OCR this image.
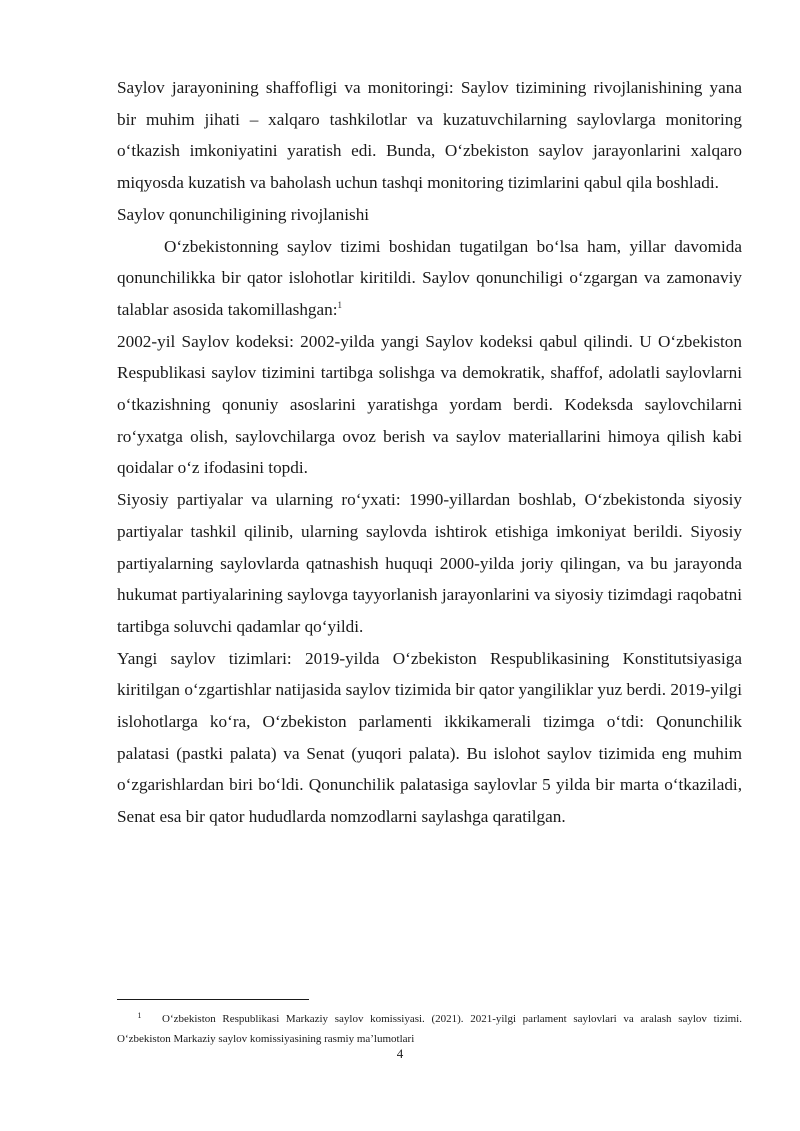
Saylov jarayonining shaffofligi va monitoringi: Saylov tizimining rivojlanishining yana bir muhim jihati – xalqaro tashkilotlar va kuzatuvchilarning saylovlarga monitoring oʻtkazish imkoniyatini yaratish edi. Bunda, Oʻzbekiston saylov jarayonlarini xalqaro miqyosda kuzatish va baholash uchun tashqi monitoring tizimlarini qabul qila boshladi.

Saylov qonunchiligining rivojlanishi

Oʻzbekistonning saylov tizimi boshidan tugatilgan boʻlsa ham, yillar davomida qonunchilikka bir qator islohotlar kiritildi. Saylov qonunchiligi oʻzgargan va zamonaviy talablar asosida takomillashgan:$^1$

2002-yil Saylov kodeksi: 2002-yilda yangi Saylov kodeksi qabul qilindi. U Oʻzbekiston Respublikasi saylov tizimini tartibga solishga va demokratik, shaffof, adolatli saylovlarni oʻtkazishning qonuniy asoslarini yaratishga yordam berdi. Kodeksda saylovchilarni roʻyxatga olish, saylovchilarga ovoz berish va saylov materiallarini himoya qilish kabi qoidalar oʻz ifodasini topdi.

Siyosiy partiyalar va ularning roʻyxati: 1990-yillardan boshlab, Oʻzbekistonda siyosiy partiyalar tashkil qilinib, ularning saylovda ishtirok etishiga imkoniyat berildi. Siyosiy partiyalarning saylovlarda qatnashish huquqi 2000-yilda joriy qilingan, va bu jarayonda hukumat partiyalarining saylovga tayyorlanish jarayonlarini va siyosiy tizimdagi raqobatni tartibga soluvchi qadamlar qoʻyildi.

Yangi saylov tizimlari: 2019-yilda Oʻzbekiston Respublikasining Konstitutsiyasiga kiritilgan oʻzgartishlar natijasida saylov tizimida bir qator yangiliklar yuz berdi. 2019-yilgi islohotlarga koʻra, Oʻzbekiston parlamenti ikkikamerali tizimga oʻtdi: Qonunchilik palatasi (pastki palata) va Senat (yuqori palata). Bu islohot saylov tizimida eng muhim oʻzgarishlardan biri boʻldi. Qonunchilik palatasiga saylovlar 5 yilda bir marta oʻtkaziladi, Senat esa bir qator hududlarda nomzodlarni saylashga qaratilgan.

1 Oʻzbekiston Respublikasi Markaziy saylov komissiyasi. (2021). 2021-yilgi parlament saylovlari va aralash saylov tizimi. Oʻzbekiston Markaziy saylov komissiyasining rasmiy maʼlumotlari
4
